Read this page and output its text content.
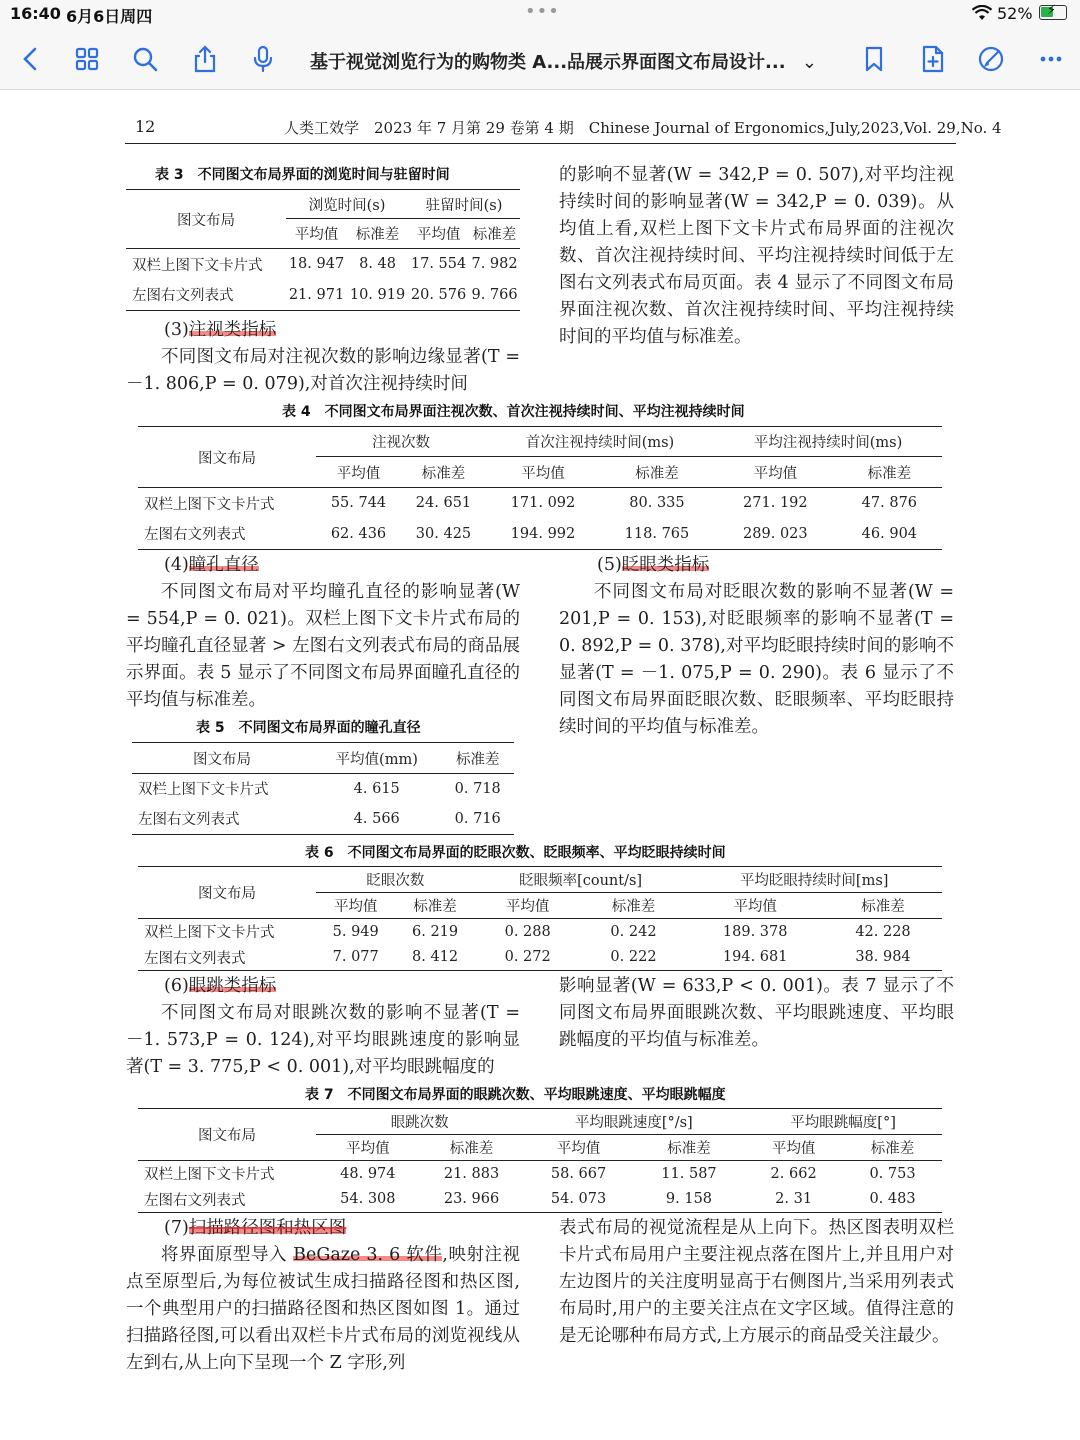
16:40 6月6日周四	•••	52% ⚡
基于视觉浏览行为的购物类 A...品展示界面图文布局设计... ⌄
12	人类工效学　2023 年 7 月第 29 卷第 4 期　Chinese Journal of Ergonomics,July,2023,Vol. 29,No. 4
表 3　不同图文布局界面的浏览时间与驻留时间
图文布局	浏览时间(s)		驻留时间(s)	
	平均值	标准差	平均值	标准差
双栏上图下文卡片式	18. 947	8. 48	17. 554	7. 982
左图右文列表式	21. 971	10. 919	20. 576	9. 766

(3)注视类指标

不同图文布局对注视次数的影响边缘显著(T = －1. 806,P = 0. 079),对首次注视持续时间

的影响不显著(W = 342,P = 0. 507),对平均注视持续时间的影响显著(W = 342,P = 0. 039)。从均值上看,双栏上图下文卡片式布局界面的注视次数、首次注视持续时间、平均注视持续时间低于左图右文列表式布局页面。表 4 显示了不同图文布局界面注视次数、首次注视持续时间、平均注视持续时间的平均值与标准差。

表 4　不同图文布局界面注视次数、首次注视持续时间、平均注视持续时间
图文布局	注视次数		首次注视持续时间(ms)		平均注视持续时间(ms)	
	平均值	标准差	平均值	标准差	平均值	标准差
双栏上图下文卡片式	55. 744	24. 651	171. 092	80. 335	271. 192	47. 876
左图右文列表式	62. 436	30. 425	194. 992	118. 765	289. 023	46. 904

(4)瞳孔直径

不同图文布局对平均瞳孔直径的影响显著(W = 554,P = 0. 021)。双栏上图下文卡片式布局的平均瞳孔直径显著 > 左图右文列表式布局的商品展示界面。表 5 显示了不同图文布局界面瞳孔直径的平均值与标准差。

表 5　不同图文布局界面的瞳孔直径
图文布局	平均值(mm)	标准差
双栏上图下文卡片式	4. 615	0. 718
左图右文列表式	4. 566	0. 716

(5)眨眼类指标

不同图文布局对眨眼次数的影响不显著(W = 201,P = 0. 153),对眨眼频率的影响不显著(T = 0. 892,P = 0. 378),对平均眨眼持续时间的影响不显著(T = －1. 075,P = 0. 290)。表 6 显示了不同图文布局界面眨眼次数、眨眼频率、平均眨眼持续时间的平均值与标准差。

表 6　不同图文布局界面的眨眼次数、眨眼频率、平均眨眼持续时间
图文布局	眨眼次数		眨眼频率[count/s]		平均眨眼持续时间[ms]	
	平均值	标准差	平均值	标准差	平均值	标准差
双栏上图下文卡片式	5. 949	6. 219	0. 288	0. 242	189. 378	42. 228
左图右文列表式	7. 077	8. 412	0. 272	0. 222	194. 681	38. 984

(6)眼跳类指标

不同图文布局对眼跳次数的影响不显著(T = －1. 573,P = 0. 124),对平均眼跳速度的影响显著(T = 3. 775,P < 0. 001),对平均眼跳幅度的

影响显著(W = 633,P < 0. 001)。表 7 显示了不同图文布局界面眼跳次数、平均眼跳速度、平均眼跳幅度的平均值与标准差。

表 7　不同图文布局界面的眼跳次数、平均眼跳速度、平均眼跳幅度
图文布局	眼跳次数		平均眼跳速度[°/s]		平均眼跳幅度[°]	
	平均值	标准差	平均值	标准差	平均值	标准差
双栏上图下文卡片式	48. 974	21. 883	58. 667	11. 587	2. 662	0. 753
左图右文列表式	54. 308	23. 966	54. 073	9. 158	2. 31	0. 483

(7)扫描路径图和热区图

将界面原型导入 BeGaze 3. 6 软件,映射注视点至原型后,为每位被试生成扫描路径图和热区图,一个典型用户的扫描路径图和热区图如图 1。通过扫描路径图,可以看出双栏卡片式布局的浏览视线从左到右,从上向下呈现一个 Z 字形,列

表式布局的视觉流程是从上向下。热区图表明双栏卡片式布局用户主要注视点落在图片上,并且用户对左边图片的关注度明显高于右侧图片,当采用列表式布局时,用户的主要关注点在文字区域。值得注意的是无论哪种布局方式,上方展示的商品受关注最少。
